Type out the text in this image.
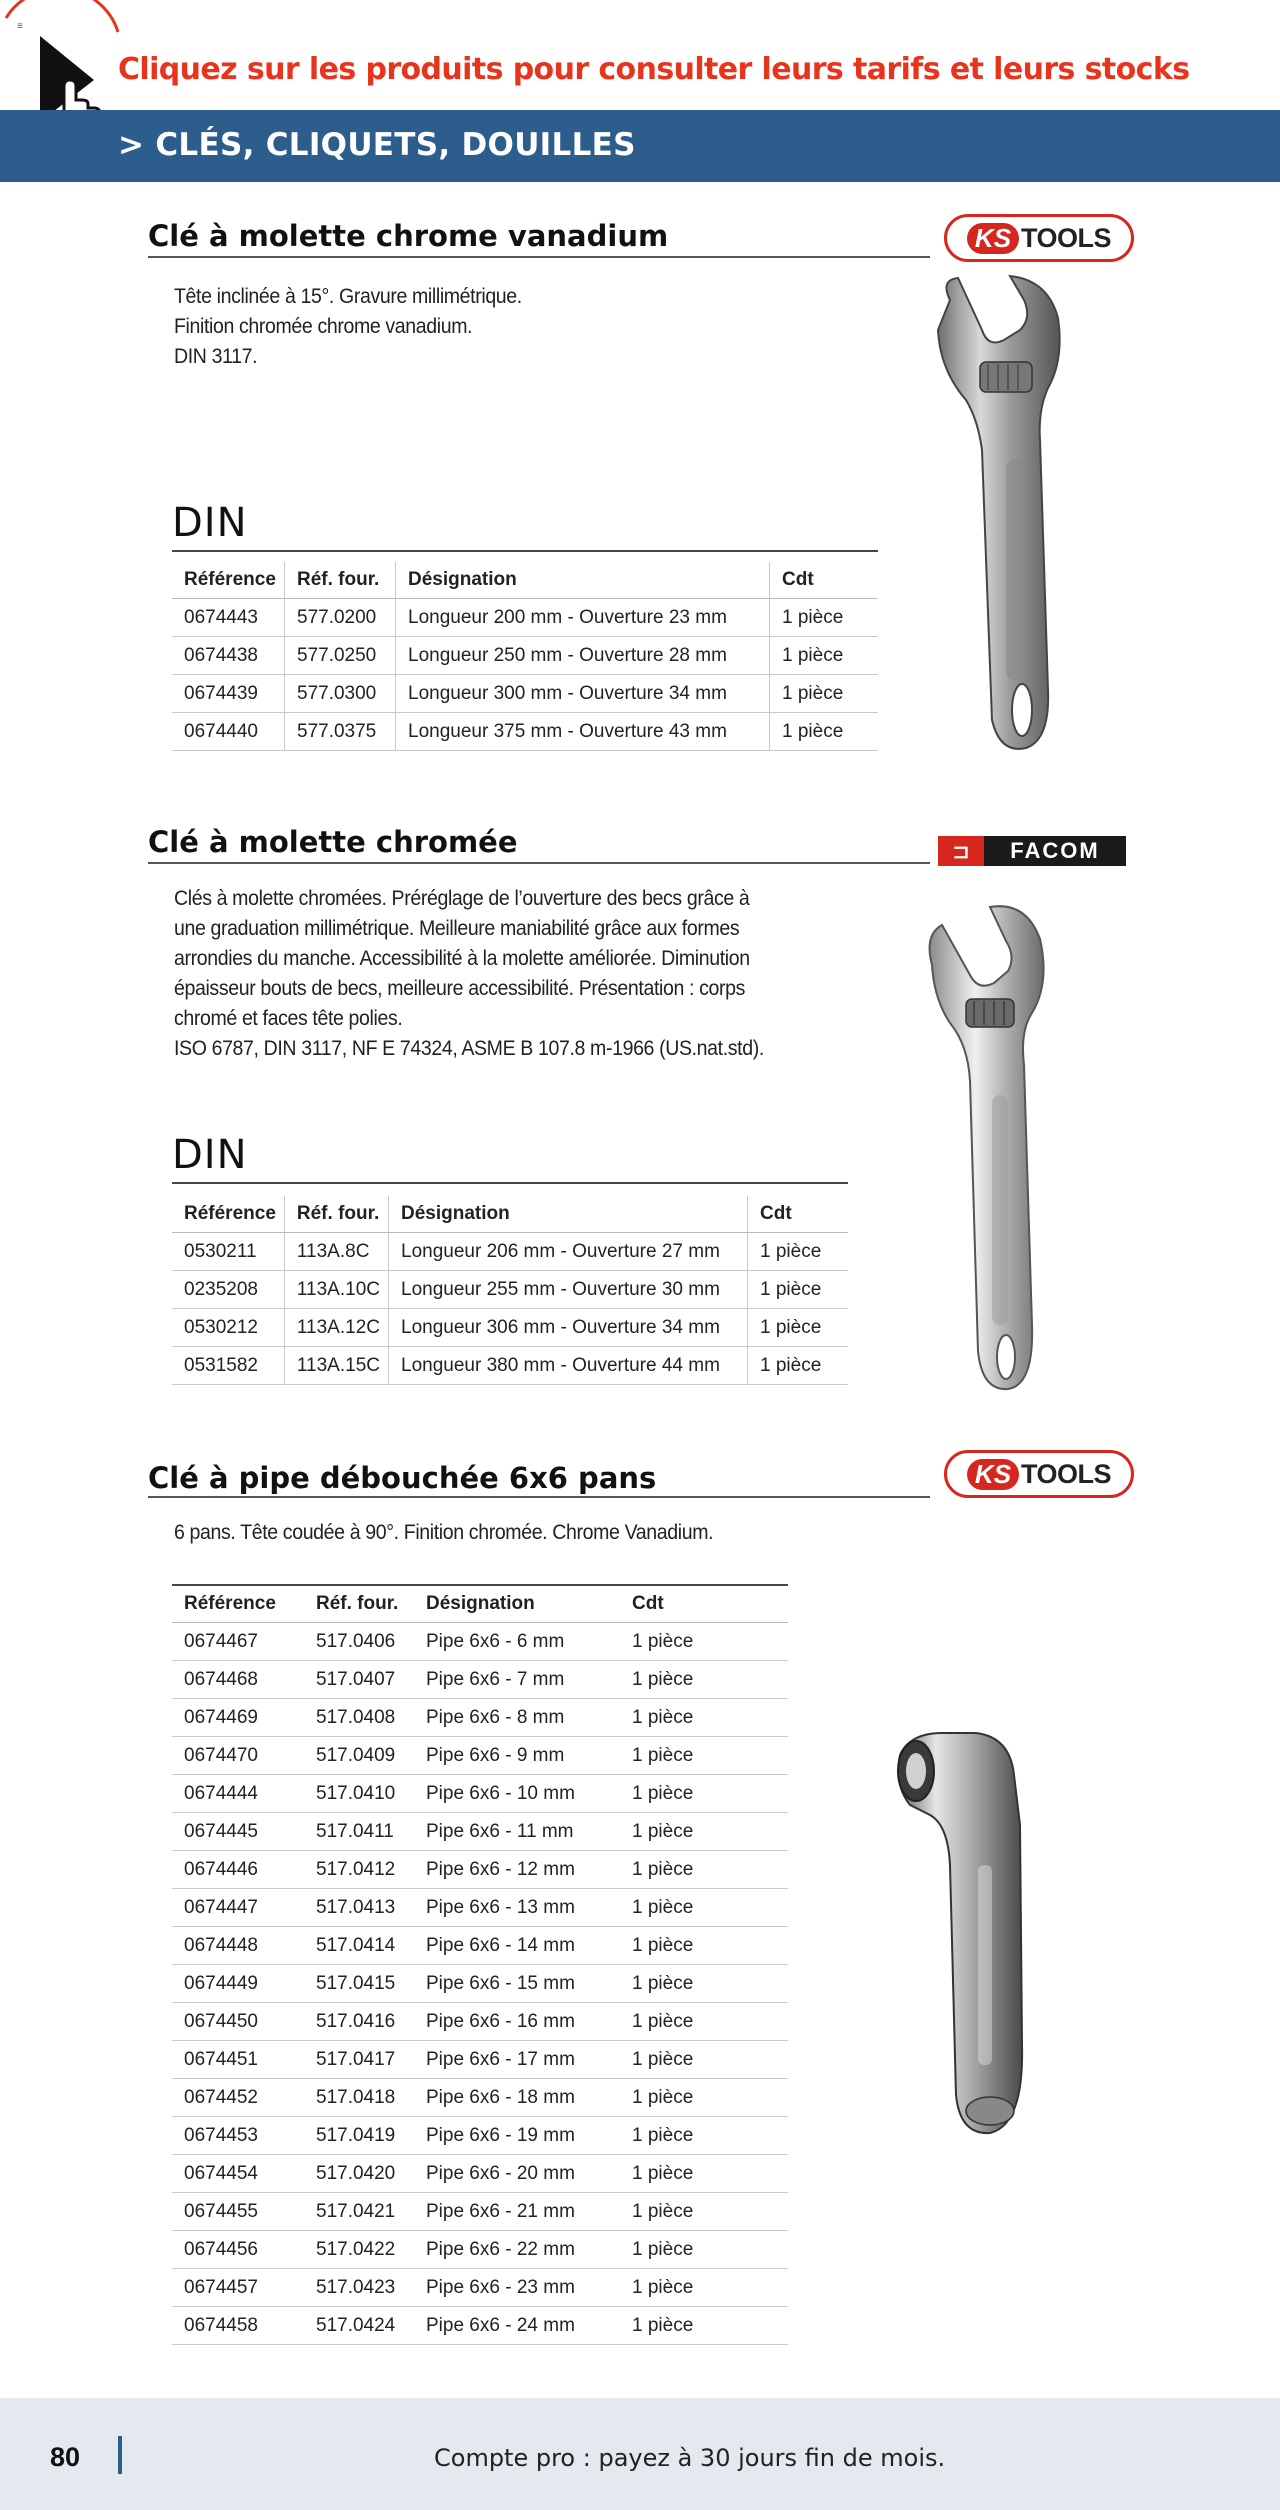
≡
Cliquez sur les produits pour consulter leurs tarifs et leurs stocks
> CLÉS, CLIQUETS, DOUILLES
Clé à molette chrome vanadium	KS TOOLS
Tête inclinée à 15°. Gravure millimétrique.
Finition chromée chrome vanadium.
DIN 3117.
DIN
Référence	Réf. four.	Désignation	Cdt
0674443	577.0200	Longueur 200 mm - Ouverture 23 mm	1 pièce
0674438	577.0250	Longueur 250 mm - Ouverture 28 mm	1 pièce
0674439	577.0300	Longueur 300 mm - Ouverture 34 mm	1 pièce
0674440	577.0375	Longueur 375 mm - Ouverture 43 mm	1 pièce
Clé à molette chromée	⊐	FACOM
Clés à molette chromées. Préréglage de l’ouverture des becs grâce à
une graduation millimétrique. Meilleure maniabilité grâce aux formes
arrondies du manche. Accessibilité à la molette améliorée. Diminution
épaisseur bouts de becs, meilleure accessibilité. Présentation : corps
chromé et faces tête polies.
ISO 6787, DIN 3117, NF E 74324, ASME B 107.8 m-1966 (US.nat.std).
DIN
Référence	Réf. four.	Désignation	Cdt
0530211	113A.8C	Longueur 206 mm - Ouverture 27 mm	1 pièce
0235208	113A.10C	Longueur 255 mm - Ouverture 30 mm	1 pièce
0530212	113A.12C	Longueur 306 mm - Ouverture 34 mm	1 pièce
0531582	113A.15C	Longueur 380 mm - Ouverture 44 mm	1 pièce
Clé à pipe débouchée 6x6 pans	KS TOOLS
6 pans. Tête coudée à 90°. Finition chromée. Chrome Vanadium.
Référence	Réf. four.	Désignation	Cdt
0674467	517.0406	Pipe 6x6 - 6 mm	1 pièce
0674468	517.0407	Pipe 6x6 - 7 mm	1 pièce
0674469	517.0408	Pipe 6x6 - 8 mm	1 pièce
0674470	517.0409	Pipe 6x6 - 9 mm	1 pièce
0674444	517.0410	Pipe 6x6 - 10 mm	1 pièce
0674445	517.0411	Pipe 6x6 - 11 mm	1 pièce
0674446	517.0412	Pipe 6x6 - 12 mm	1 pièce
0674447	517.0413	Pipe 6x6 - 13 mm	1 pièce
0674448	517.0414	Pipe 6x6 - 14 mm	1 pièce
0674449	517.0415	Pipe 6x6 - 15 mm	1 pièce
0674450	517.0416	Pipe 6x6 - 16 mm	1 pièce
0674451	517.0417	Pipe 6x6 - 17 mm	1 pièce
0674452	517.0418	Pipe 6x6 - 18 mm	1 pièce
0674453	517.0419	Pipe 6x6 - 19 mm	1 pièce
0674454	517.0420	Pipe 6x6 - 20 mm	1 pièce
0674455	517.0421	Pipe 6x6 - 21 mm	1 pièce
0674456	517.0422	Pipe 6x6 - 22 mm	1 pièce
0674457	517.0423	Pipe 6x6 - 23 mm	1 pièce
0674458	517.0424	Pipe 6x6 - 24 mm	1 pièce
80	Compte pro : payez à 30 jours fin de mois.
